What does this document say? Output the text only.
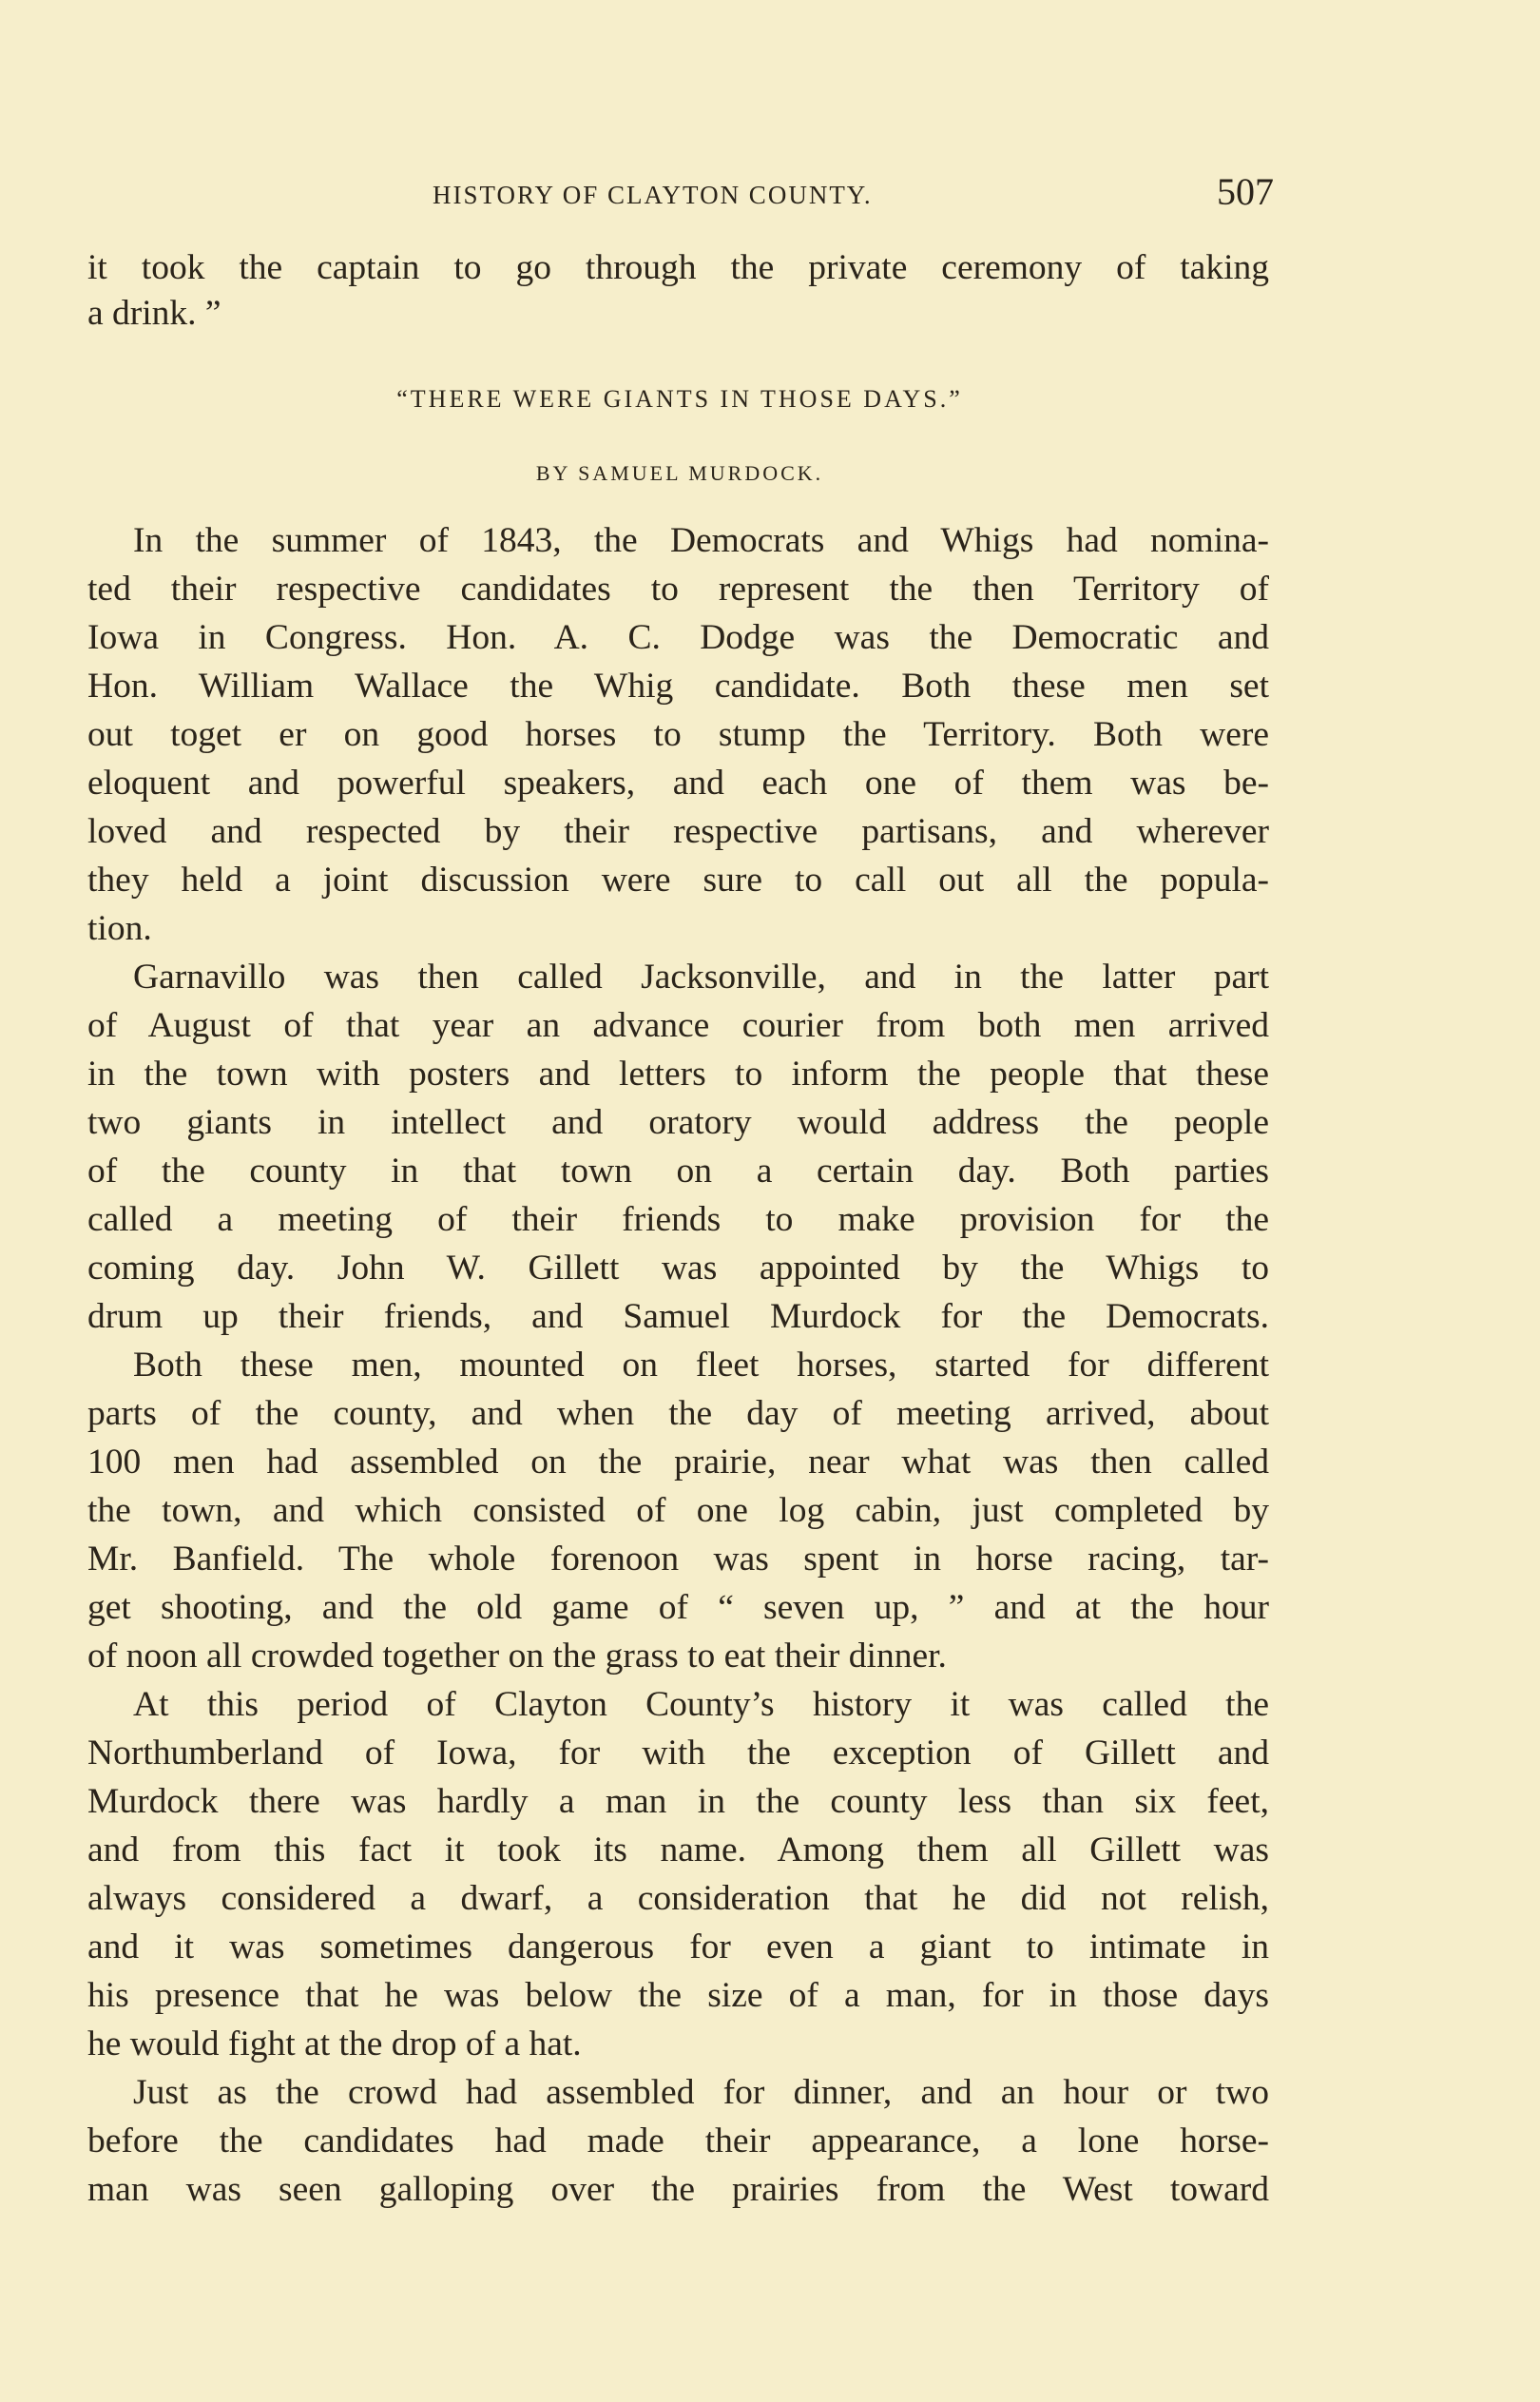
HISTORY OF CLAYTON COUNTY.	507
it took the captain to go through the private ceremony of taking
a drink. ”
“THERE WERE GIANTS IN THOSE DAYS.”
BY SAMUEL MURDOCK.
In the summer of 1843, the Democrats and Whigs had nomina-
ted their respective candidates to represent the then Territory of
Iowa in Congress. Hon. A. C. Dodge was the Democratic and
Hon. William Wallace the Whig candidate. Both these men set
out toget er on good horses to stump the Territory. Both were
eloquent and powerful speakers, and each one of them was be-
loved and respected by their respective partisans, and wherever
they held a joint discussion were sure to call out all the popula-
tion.
Garnavillo was then called Jacksonville, and in the latter part
of August of that year an advance courier from both men arrived
in the town with posters and letters to inform the people that these
two giants in intellect and oratory would address the people
of the county in that town on a certain day. Both parties
called a meeting of their friends to make provision for the
coming day. John W. Gillett was appointed by the Whigs to
drum up their friends, and Samuel Murdock for the Democrats.
Both these men, mounted on fleet horses, started for different
parts of the county, and when the day of meeting arrived, about
100 men had assembled on the prairie, near what was then called
the town, and which consisted of one log cabin, just completed by
Mr. Banfield. The whole forenoon was spent in horse racing, tar-
get shooting, and the old game of “ seven up, ” and at the hour
of noon all crowded together on the grass to eat their dinner.
At this period of Clayton County’s history it was called the
Northumberland of Iowa, for with the exception of Gillett and
Murdock there was hardly a man in the county less than six feet,
and from this fact it took its name. Among them all Gillett was
always considered a dwarf, a consideration that he did not relish,
and it was sometimes dangerous for even a giant to intimate in
his presence that he was below the size of a man, for in those days
he would fight at the drop of a hat.
Just as the crowd had assembled for dinner, and an hour or two
before the candidates had made their appearance, a lone horse-
man was seen galloping over the prairies from the West toward
